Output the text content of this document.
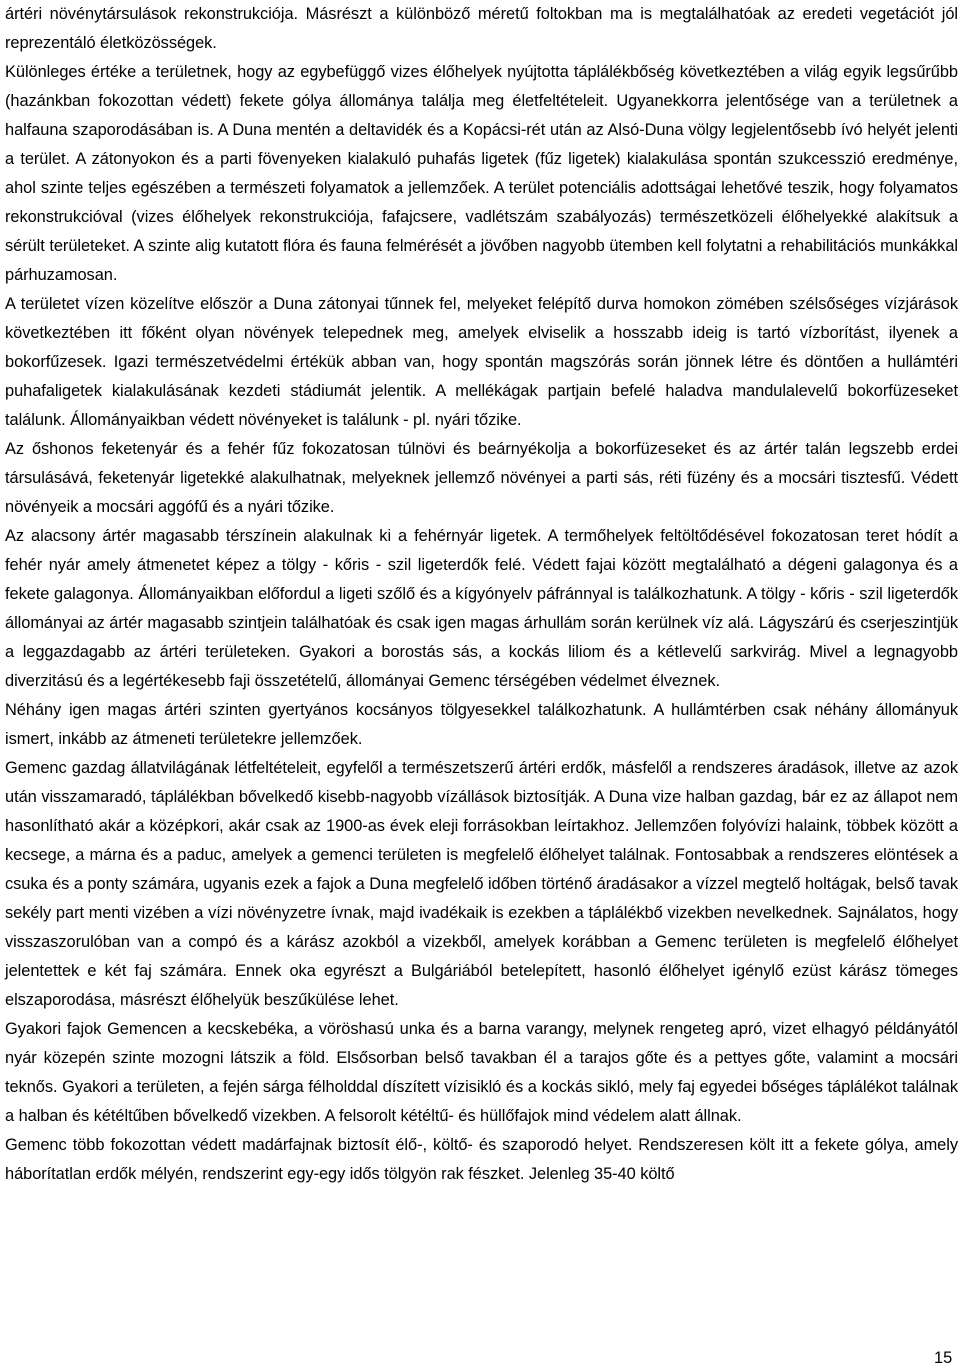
ártéri növénytársulások rekonstrukciója. Másrészt a különböző méretű foltokban ma is megtalálhatóak az eredeti vegetációt jól reprezentáló életközösségek.

Különleges értéke a területnek, hogy az egybefüggő vizes élőhelyek nyújtotta táplálékbőség következtében a világ egyik legsűrűbb (hazánkban fokozottan védett) fekete gólya állománya találja meg életfeltételeit. Ugyanekkorra jelentősége van a területnek a halfauna szaporodásában is. A Duna mentén a deltavidék és a Kopácsi-rét után az Alsó-Duna völgy legjelentősebb ívó helyét jelenti a terület. A zátonyokon és a parti fövenyeken kialakuló puhafás ligetek (fűz ligetek) kialakulása spontán szukcesszió eredménye, ahol szinte teljes egészében a természeti folyamatok a jellemzőek. A terület potenciális adottságai lehetővé teszik, hogy folyamatos rekonstrukcióval (vizes élőhelyek rekonstrukciója, fafajcsere, vadlétszám szabályozás) természetközeli élőhelyekké alakítsuk a sérült területeket. A szinte alig kutatott flóra és fauna felmérését a jövőben nagyobb ütemben kell folytatni a rehabilitációs munkákkal párhuzamosan.

A területet vízen közelítve először a Duna zátonyai tűnnek fel, melyeket felépítő durva homokon zömében szélsőséges vízjárások következtében itt főként olyan növények telepednek meg, amelyek elviselik a hosszabb ideig is tartó vízborítást, ilyenek a bokorfűzesek. Igazi természetvédelmi értékük abban van, hogy spontán magszórás során jönnek létre és döntően a hullámtéri puhafaligetek kialakulásának kezdeti stádiumát jelentik. A mellékágak partjain befelé haladva mandulalevelű bokorfüzeseket találunk. Állományaikban védett növényeket is találunk - pl. nyári tőzike.

Az őshonos feketenyár és a fehér fűz fokozatosan túlnövi és beárnyékolja a bokorfüzeseket és az ártér talán legszebb erdei társulásává, feketenyár ligetekké alakulhatnak, melyeknek jellemző növényei a parti sás, réti füzény és a mocsári tisztesfű. Védett növényeik a mocsári aggófű és a nyári tőzike.

Az alacsony ártér magasabb térszínein alakulnak ki a fehérnyár ligetek. A termőhelyek feltöltődésével fokozatosan teret hódít a fehér nyár amely átmenetet képez a tölgy - kőris - szil ligeterdők felé. Védett fajai között megtalálható a dégeni galagonya és a fekete galagonya. Állományaikban előfordul a ligeti szőlő és a kígyónyelv páfránnyal is találkozhatunk. A tölgy - kőris - szil ligeterdők állományai az ártér magasabb szintjein találhatóak és csak igen magas árhullám során kerülnek víz alá. Lágyszárú és cserjeszintjük a leggazdagabb az ártéri területeken. Gyakori a borostás sás, a kockás liliom és a kétlevelű sarkvirág. Mivel a legnagyobb diverzitású és a legértékesebb faji összetételű, állományai Gemenc térségében védelmet élveznek.

Néhány igen magas ártéri szinten gyertyános kocsányos tölgyesekkel találkozhatunk. A hullámtérben csak néhány állományuk ismert, inkább az átmeneti területekre jellemzőek.

Gemenc gazdag állatvilágának létfeltételeit, egyfelől a természetszerű ártéri erdők, másfelől a rendszeres áradások, illetve az azok után visszamaradó, táplálékban bővelkedő kisebb-nagyobb vízállások biztosítják. A Duna vize halban gazdag, bár ez az állapot nem hasonlítható akár a középkori, akár csak az 1900-as évek eleji forrásokban leírtakhoz. Jellemzően folyóvízi halaink, többek között a kecsege, a márna és a paduc, amelyek a gemenci területen is megfelelő élőhelyet találnak. Fontosabbak a rendszeres elöntések a csuka és a ponty számára, ugyanis ezek a fajok a Duna megfelelő időben történő áradásakor a vízzel megtelő holtágak, belső tavak sekély part menti vizében a vízi növényzetre ívnak, majd ivadékaik is ezekben a táplálékbő vizekben nevelkednek. Sajnálatos, hogy visszaszorulóban van a compó és a kárász azokból a vizekből, amelyek korábban a Gemenc területen is megfelelő élőhelyet jelentettek e két faj számára. Ennek oka egyrészt a Bulgáriából betelepített, hasonló élőhelyet igénylő ezüst kárász tömeges elszaporodása, másrészt élőhelyük beszűkülése lehet.

Gyakori fajok Gemencen a kecskebéka, a vöröshasú unka és a barna varangy, melynek rengeteg apró, vizet elhagyó példányától nyár közepén szinte mozogni látszik a föld. Elsősorban belső tavakban él a tarajos gőte és a pettyes gőte, valamint a mocsári teknős. Gyakori a területen, a fején sárga félholddal díszített vízisikló és a kockás sikló, mely faj egyedei bőséges táplálékot találnak a halban és kétéltűben bővelkedő vizekben. A felsorolt kétéltű- és hüllőfajok mind védelem alatt állnak.

Gemenc több fokozottan védett madárfajnak biztosít élő-, költő- és szaporodó helyet. Rendszeresen költ itt a fekete gólya, amely háborítatlan erdők mélyén, rendszerint egy-egy idős tölgyön rak fészket. Jelenleg 35-40 költő

15
